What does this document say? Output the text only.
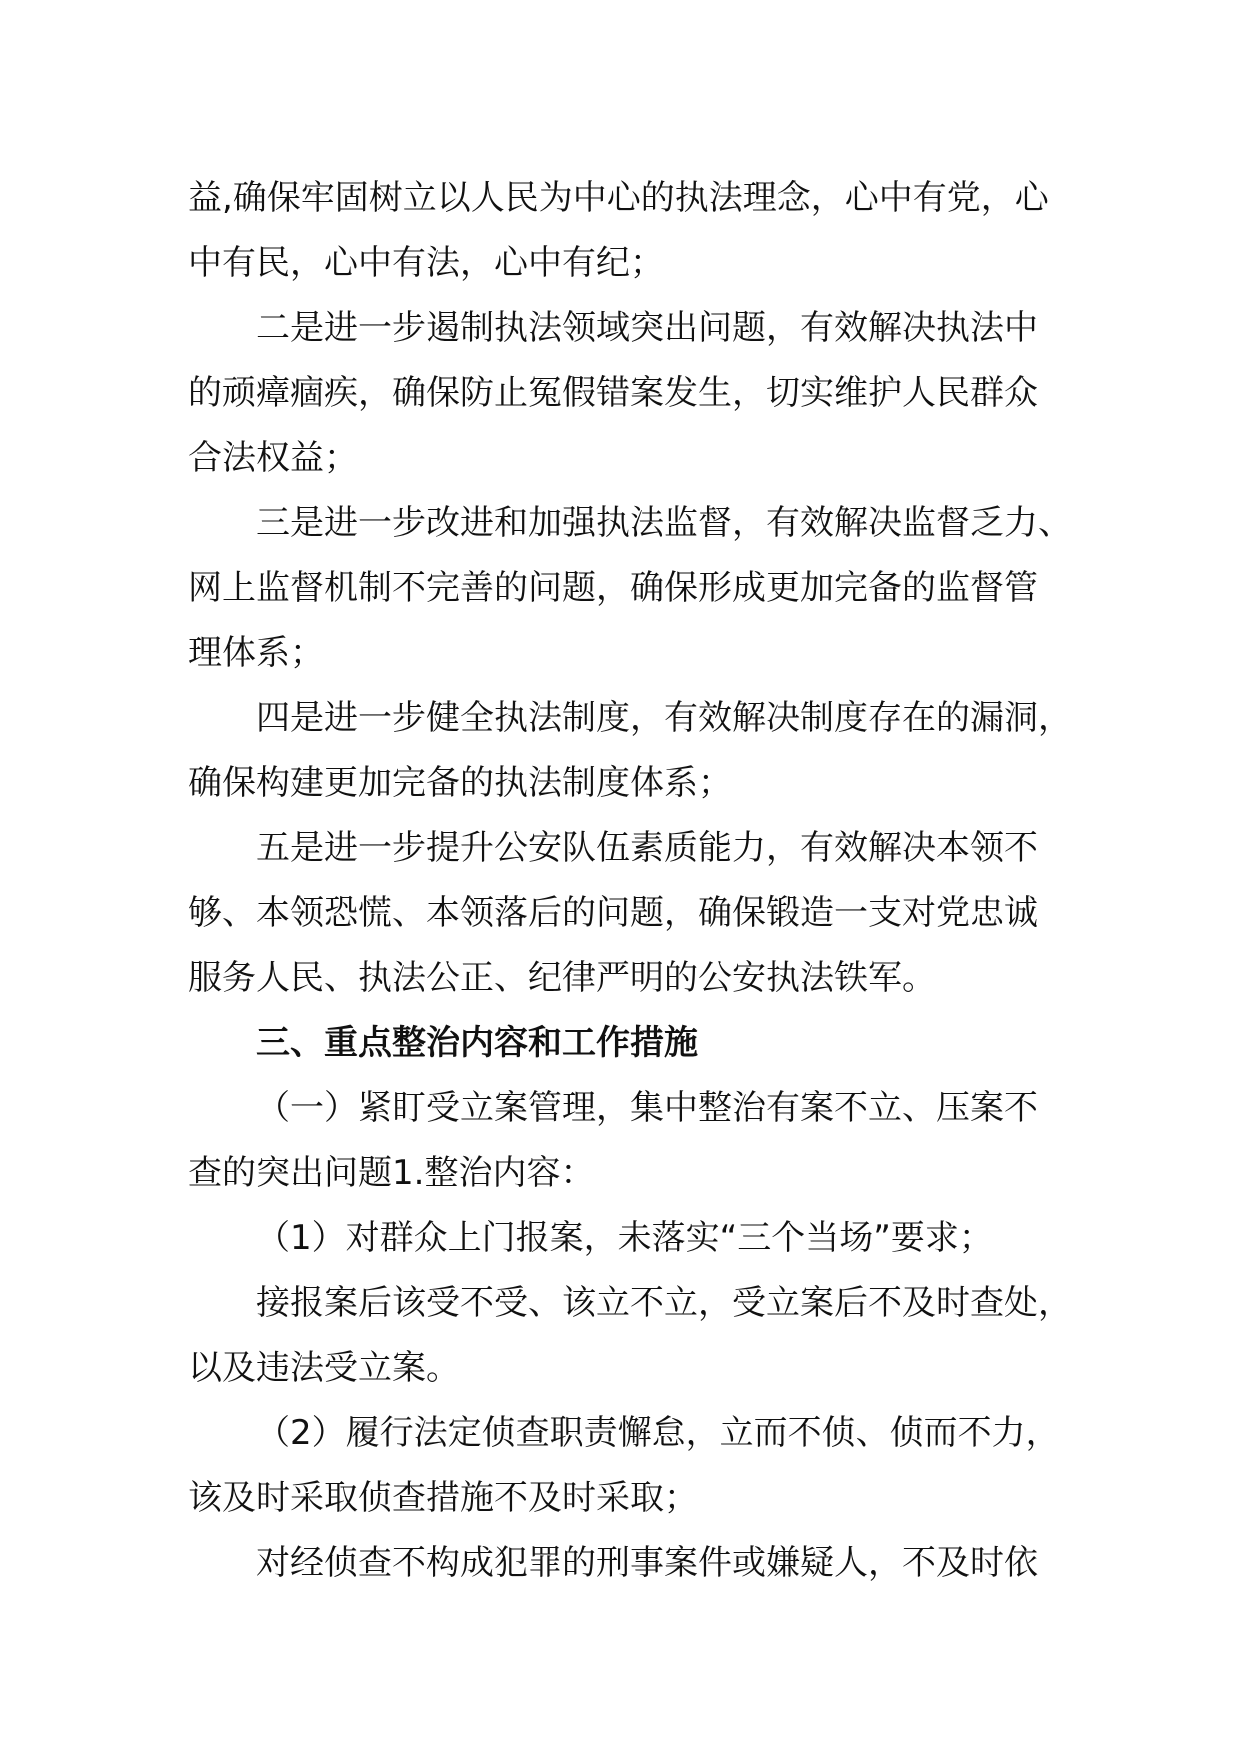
益,确保牢固树立以人民为中心的执法理念，心中有党，心
中有民，心中有法，心中有纪；
二是进一步遏制执法领域突出问题，有效解决执法中
的顽瘴痼疾，确保防止冤假错案发生，切实维护人民群众
合法权益；
三是进一步改进和加强执法监督，有效解决监督乏力、
网上监督机制不完善的问题，确保形成更加完备的监督管
理体系；
四是进一步健全执法制度，有效解决制度存在的漏洞，
确保构建更加完备的执法制度体系；
五是进一步提升公安队伍素质能力，有效解决本领不
够、本领恐慌、本领落后的问题，确保锻造一支对党忠诚
服务人民、执法公正、纪律严明的公安执法铁军。
三、重点整治内容和工作措施
（一）紧盯受立案管理，集中整治有案不立、压案不
查的突出问题1.整治内容：
（1）对群众上门报案，未落实“三个当场”要求；
接报案后该受不受、该立不立，受立案后不及时查处，
以及违法受立案。
（2）履行法定侦查职责懈怠，立而不侦、侦而不力，
该及时采取侦查措施不及时采取；
对经侦查不构成犯罪的刑事案件或嫌疑人，不及时依
